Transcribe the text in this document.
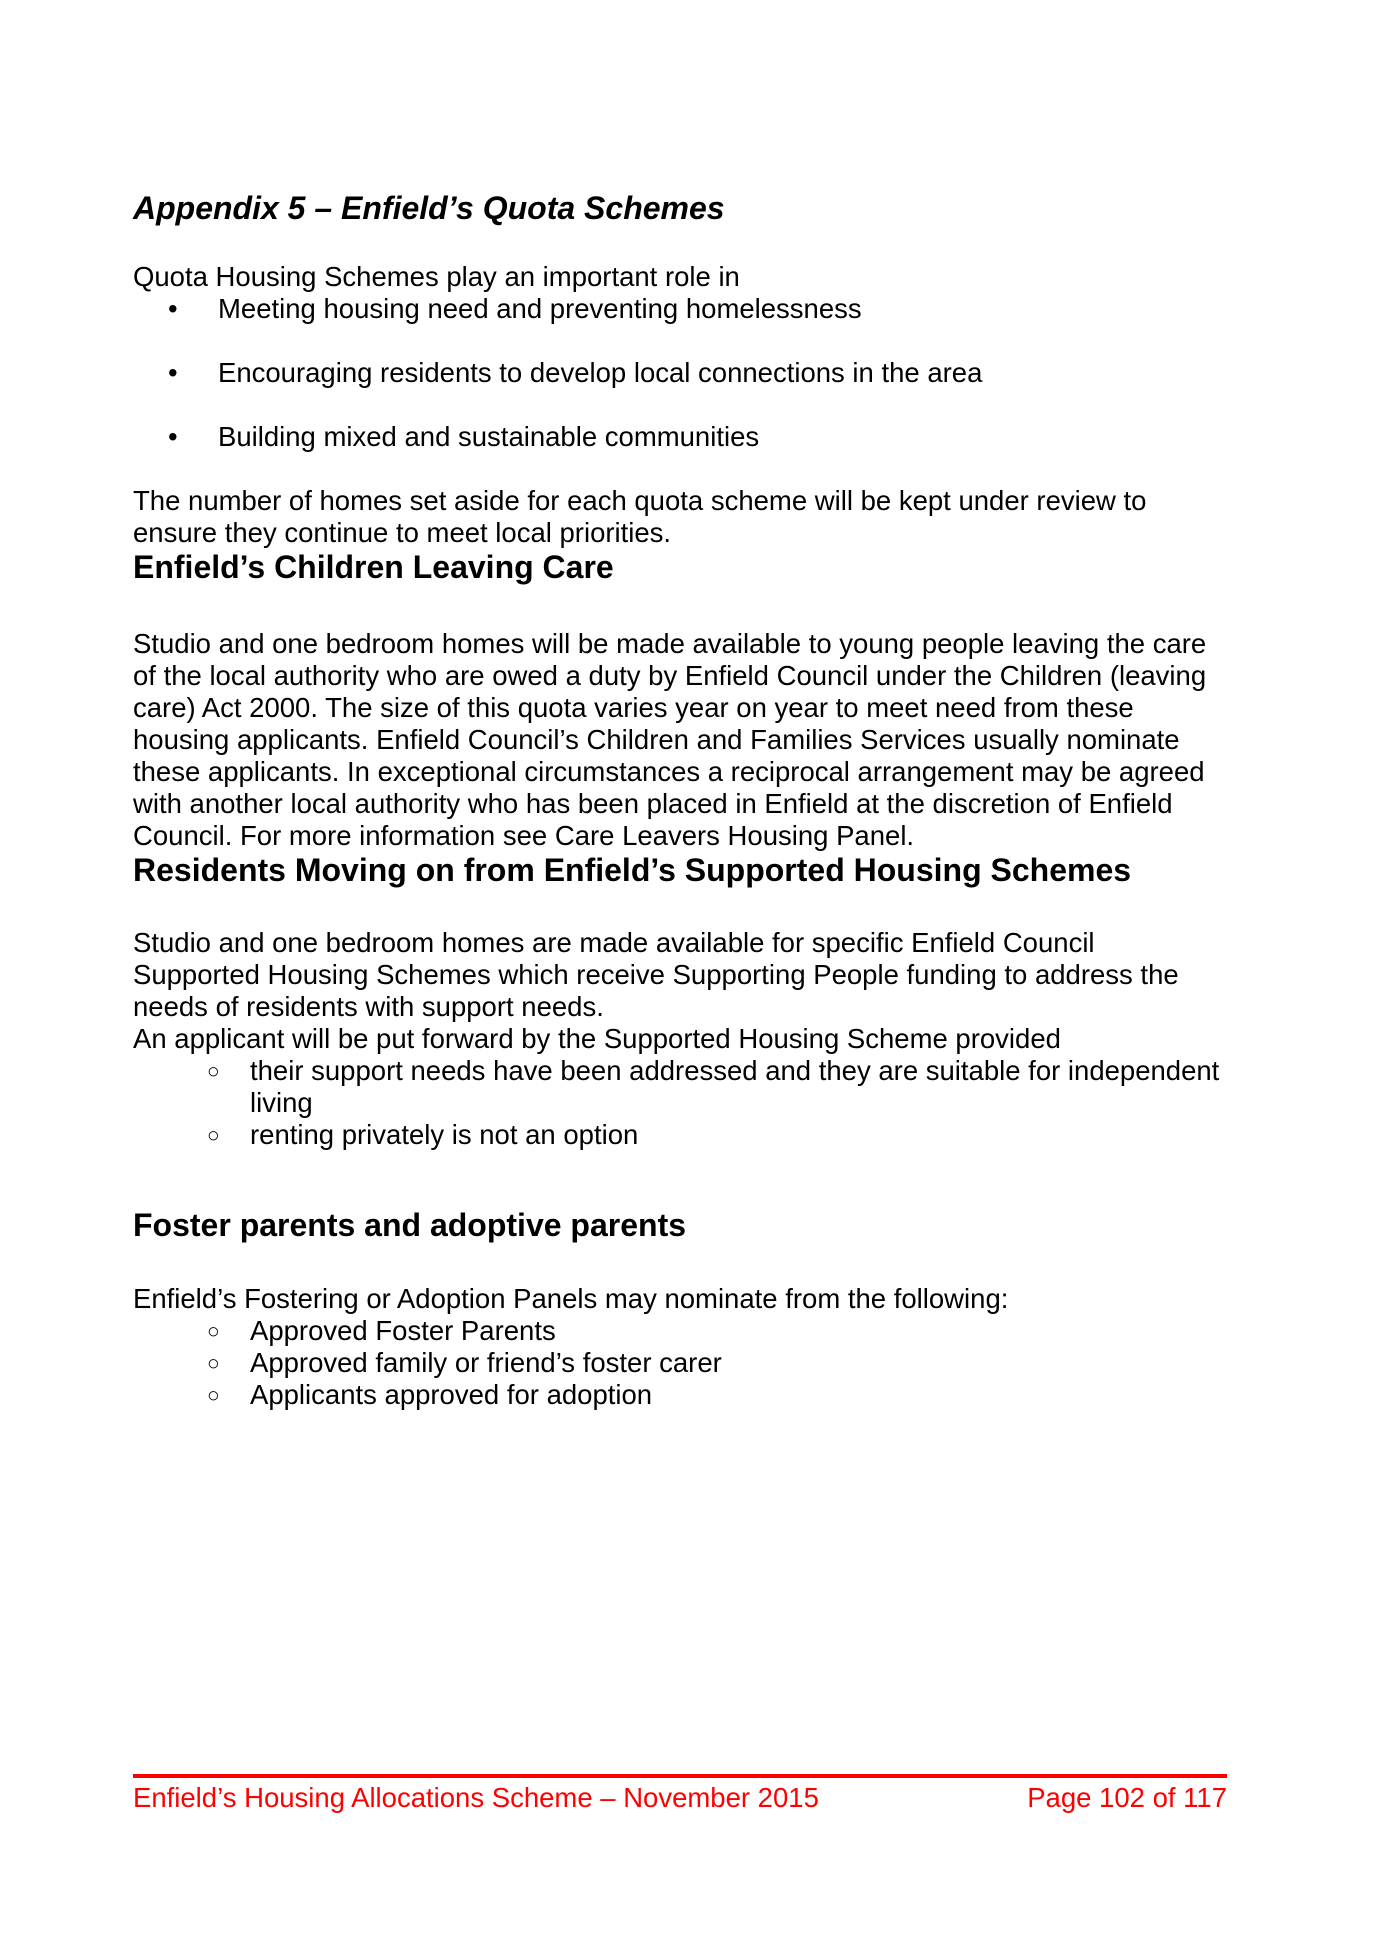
Appendix 5 – Enfield’s Quota Schemes

Quota Housing Schemes play an important role in

• Meeting housing need and preventing homelessness
• Encouraging residents to develop local connections in the area
• Building mixed and sustainable communities

The number of homes set aside for each quota scheme will be kept under review to ensure they continue to meet local priorities.

Enfield’s Children Leaving Care

Studio and one bedroom homes will be made available to young people leaving the care of the local authority who are owed a duty by Enfield Council under the Children (leaving care) Act 2000. The size of this quota varies year on year to meet need from these housing applicants. Enfield Council’s Children and Families Services usually nominate these applicants. In exceptional circumstances a reciprocal arrangement may be agreed with another local authority who has been placed in Enfield at the discretion of Enfield Council. For more information see Care Leavers Housing Panel.

Residents Moving on from Enfield’s Supported Housing Schemes

Studio and one bedroom homes are made available for specific Enfield Council Supported Housing Schemes which receive Supporting People funding to address the needs of residents with support needs.

An applicant will be put forward by the Supported Housing Scheme provided

○ their support needs have been addressed and they are suitable for independent living
○ renting privately is not an option
Foster parents and adoptive parents

Enfield’s Fostering or Adoption Panels may nominate from the following:

○ Approved Foster Parents
○ Approved family or friend’s foster carer
○ Applicants approved for adoption
Enfield’s Housing Allocations Scheme – November 2015	Page 102 of 117
